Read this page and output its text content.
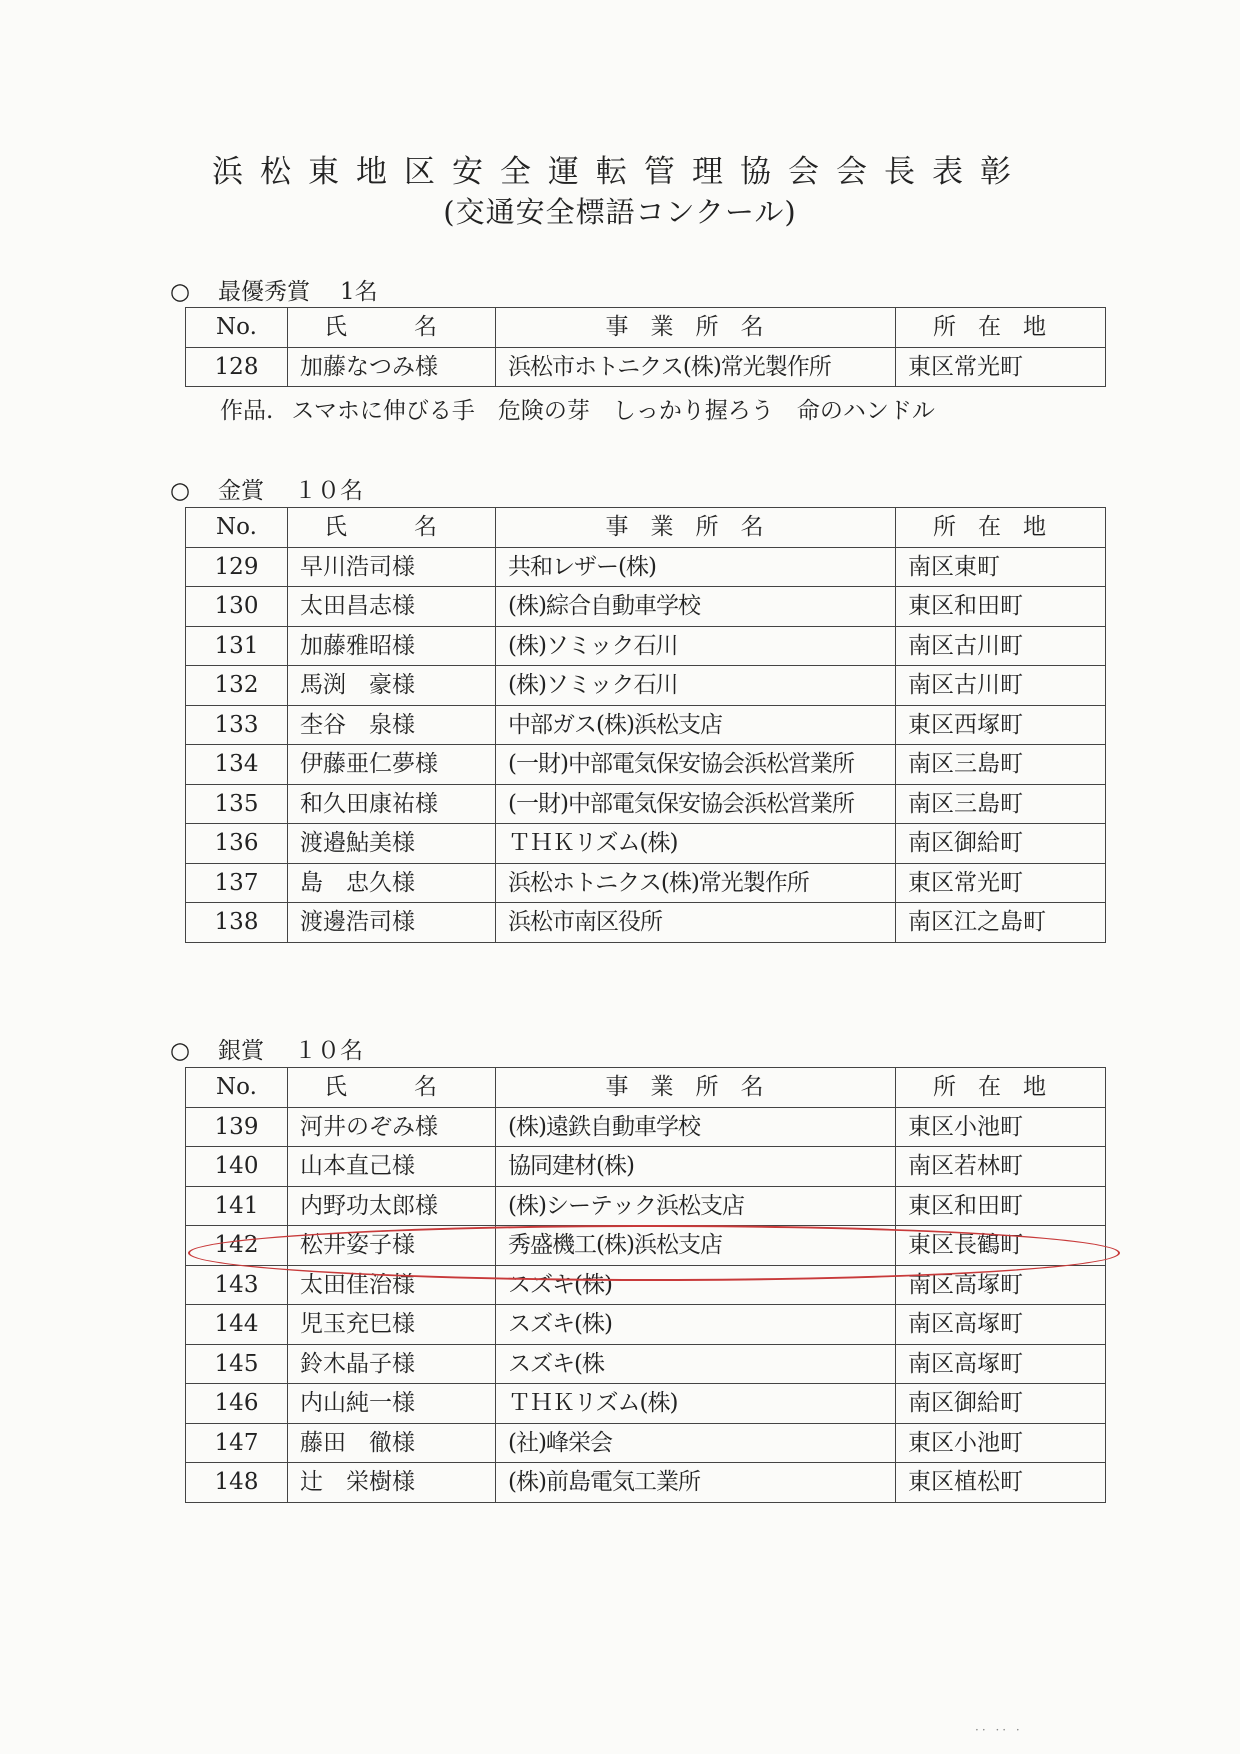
浜松東地区安全運転管理協会会長表彰
(交通安全標語コンクール)
○ 最優秀賞 1名
No.	氏　名	事業所名	所在地
128	加藤なつみ様	浜松市ホトニクス(株)常光製作所	東区常光町
作品. スマホに伸びる手　危険の芽　しっかり握ろう　命のハンドル
○ 金賞 １０名
No.	氏　名	事業所名	所在地
129	早川浩司様	共和レザー(株)	南区東町
130	太田昌志様	(株)綜合自動車学校	東区和田町
131	加藤雅昭様	(株)ソミック石川	南区古川町
132	馬渕　豪様	(株)ソミック石川	南区古川町
133	杢谷　泉様	中部ガス(株)浜松支店	東区西塚町
134	伊藤亜仁夢様	(一財)中部電気保安協会浜松営業所	南区三島町
135	和久田康祐様	(一財)中部電気保安協会浜松営業所	南区三島町
136	渡邉鮎美様	ＴＨＫリズム(株)	南区御給町
137	島　忠久様	浜松ホトニクス(株)常光製作所	東区常光町
138	渡邊浩司様	浜松市南区役所	南区江之島町
○ 銀賞 １０名
No.	氏　名	事業所名	所在地
139	河井のぞみ様	(株)遠鉄自動車学校	東区小池町
140	山本直己様	協同建材(株)	南区若林町
141	内野功太郎様	(株)シーテック浜松支店	東区和田町
142	松井姿子様	秀盛機工(株)浜松支店	東区長鶴町
143	太田佳治様	スズキ(株)	南区高塚町
144	児玉充巳様	スズキ(株)	南区高塚町
145	鈴木晶子様	スズキ(株	南区高塚町
146	内山純一様	ＴＨＫリズム(株)	南区御給町
147	藤田　徹様	(社)峰栄会	東区小池町
148	辻　栄樹様	(株)前島電気工業所	東区植松町
·· ·· ·
